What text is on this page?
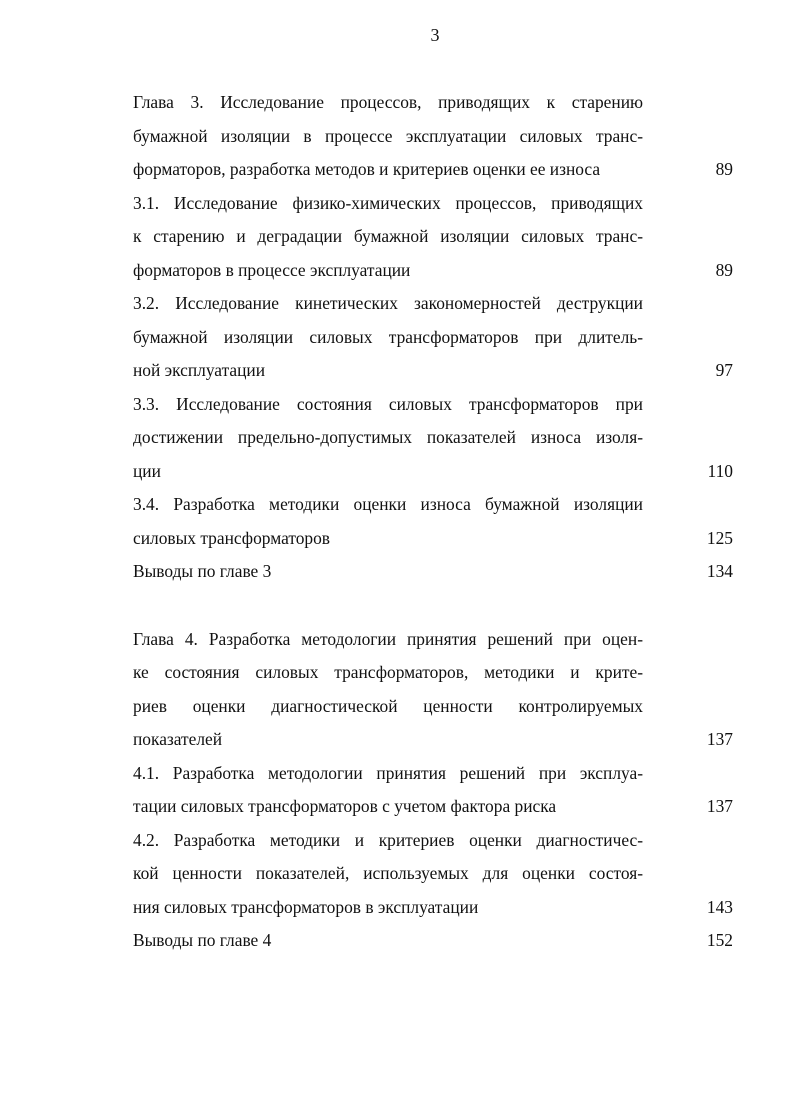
3
Глава 3. Исследование процессов, приводящих к старению
бумажной изоляции в процессе эксплуатации силовых транс-
форматоров, разработка методов и критериев оценки ее износа	89
3.1. Исследование физико-химических процессов, приводящих
к старению и деградации бумажной изоляции силовых транс-
форматоров в процессе эксплуатации	89
3.2. Исследование кинетических закономерностей деструкции
бумажной изоляции силовых трансформаторов при длитель-
ной эксплуатации	97
3.3. Исследование состояния силовых трансформаторов при
достижении предельно-допустимых показателей износа изоля-
ции	110
3.4. Разработка методики оценки износа бумажной изоляции
силовых трансформаторов	125
Выводы по главе 3	134
Глава 4. Разработка методологии принятия решений при оцен-
ке состояния силовых трансформаторов, методики и крите-
риев оценки диагностической ценности контролируемых
показателей	137
4.1. Разработка методологии принятия решений при эксплуа-
тации силовых трансформаторов с учетом фактора риска	137
4.2. Разработка методики и критериев оценки диагностичес-
кой ценности показателей, используемых для оценки состоя-
ния силовых трансформаторов в эксплуатации	143
Выводы по главе 4	152
